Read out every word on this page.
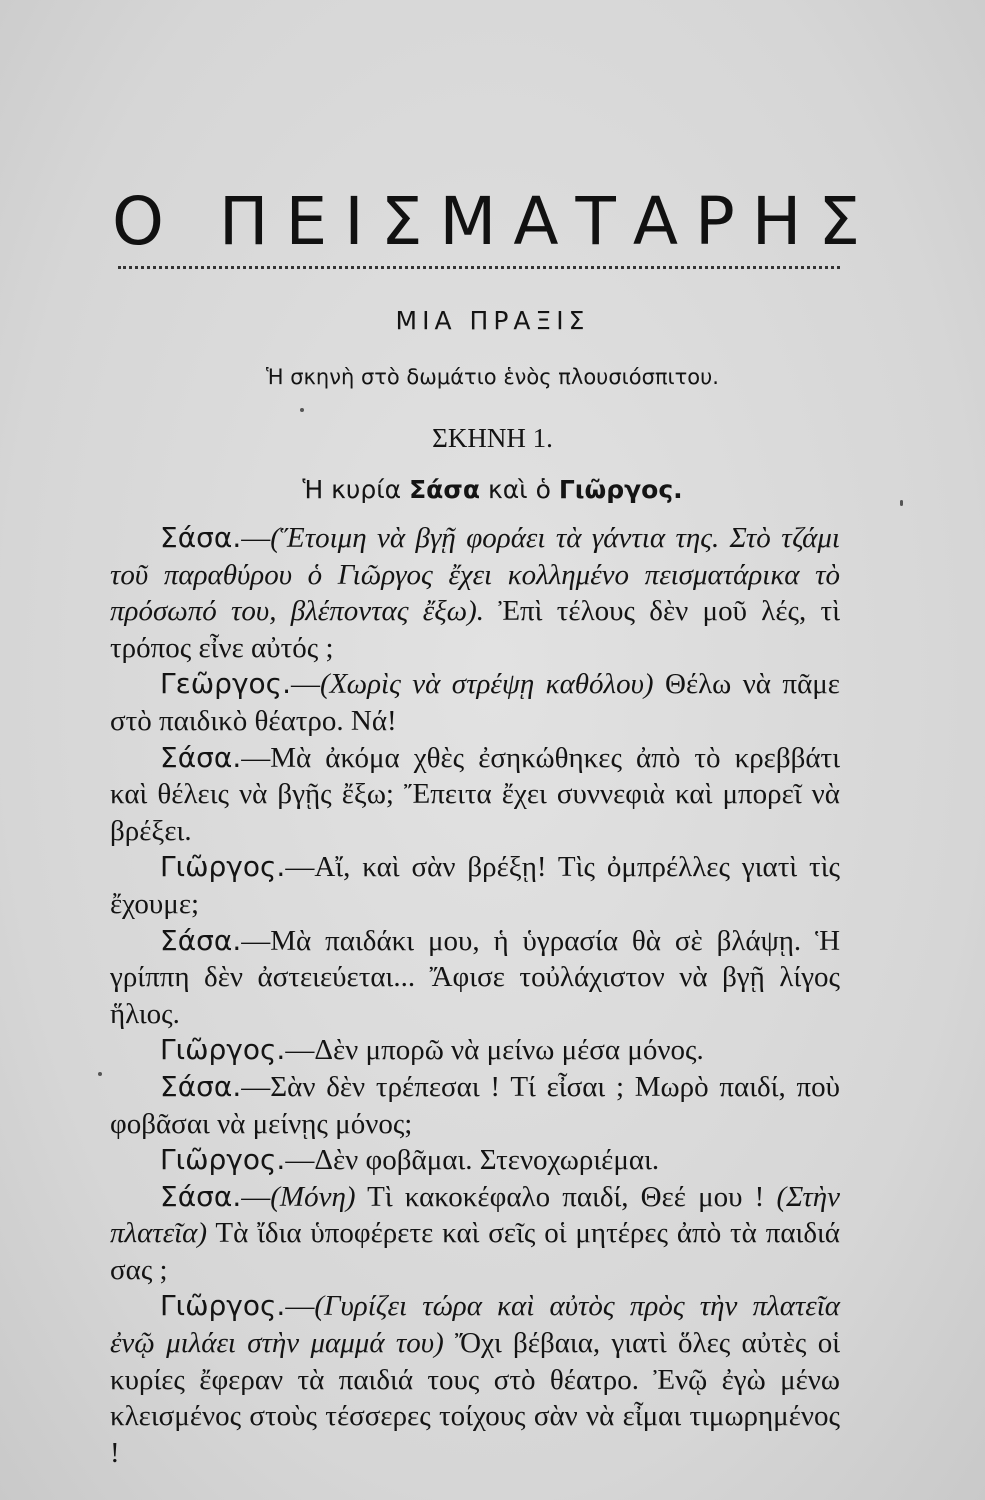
Ο ΠΕΙΣΜΑΤΑΡΗΣ
ΜΙΑ ΠΡΑΞΙΣ
Ἡ σκηνὴ στὸ δωμάτιο ἑνὸς πλουσιόσπιτου.
ΣΚΗΝΗ 1.
Ἡ κυρία Σάσα καὶ ὁ Γιῶργος.

Σάσα.—(Ἕτοιμη νὰ βγῇ φοράει τὰ γάντια της. Στὸ τζάμι τοῦ παραθύρου ὁ Γιῶργος ἔχει κολλημένο πεισματάρικα τὸ πρόσωπό του, βλέποντας ἔξω). Ἐπὶ τέλους δὲν μοῦ λές, τὶ τρόπος εἶνε αὐτός ;

Γεῶργος.—(Χωρὶς νὰ στρέψῃ καθόλου) Θέλω νὰ πᾶμε στὸ παιδικὸ θέατρο. Νά!

Σάσα.—Μὰ ἀκόμα χθὲς ἐσηκώθηκες ἀπὸ τὸ κρεββάτι καὶ θέλεις νὰ βγῇς ἔξω; Ἔπειτα ἔχει συννεφιὰ καὶ μπορεῖ νὰ βρέξει.

Γιῶργος.—Αἴ, καὶ σὰν βρέξῃ! Τὶς ὀμπρέλλες γιατὶ τὶς ἔχουμε;

Σάσα.—Μὰ παιδάκι μου, ἡ ὑγρασία θὰ σὲ βλάψῃ. Ἡ γρίππη δὲν ἀστειεύεται... Ἄφισε τοὐλάχιστον νὰ βγῇ λίγος ἥλιος.

Γιῶργος.—Δὲν μπορῶ νὰ μείνω μέσα μόνος.

Σάσα.—Σὰν δὲν τρέπεσαι ! Τί εἶσαι ; Μωρὸ παιδί, ποὺ φοβᾶσαι νὰ μείνῃς μόνος;

Γιῶργος.—Δὲν φοβᾶμαι. Στενοχωριέμαι.

Σάσα.—(Μόνη) Τὶ κακοκέφαλο παιδί, Θεέ μου ! (Στὴν πλατεῖα) Τὰ ἴδια ὑποφέρετε καὶ σεῖς οἱ μητέρες ἀπὸ τὰ παιδιά σας ;

Γιῶργος.—(Γυρίζει τώρα καὶ αὐτὸς πρὸς τὴν πλατεῖα ἐνῷ μιλάει στὴν μαμμά του) Ὄχι βέβαια, γιατὶ ὅλες αὐτὲς οἱ κυρίες ἔφεραν τὰ παιδιά τους στὸ θέατρο. Ἐνῷ ἐγὼ μένω κλεισμένος στοὺς τέσσερες τοίχους σὰν νὰ εἶμαι τιμωρημένος !
